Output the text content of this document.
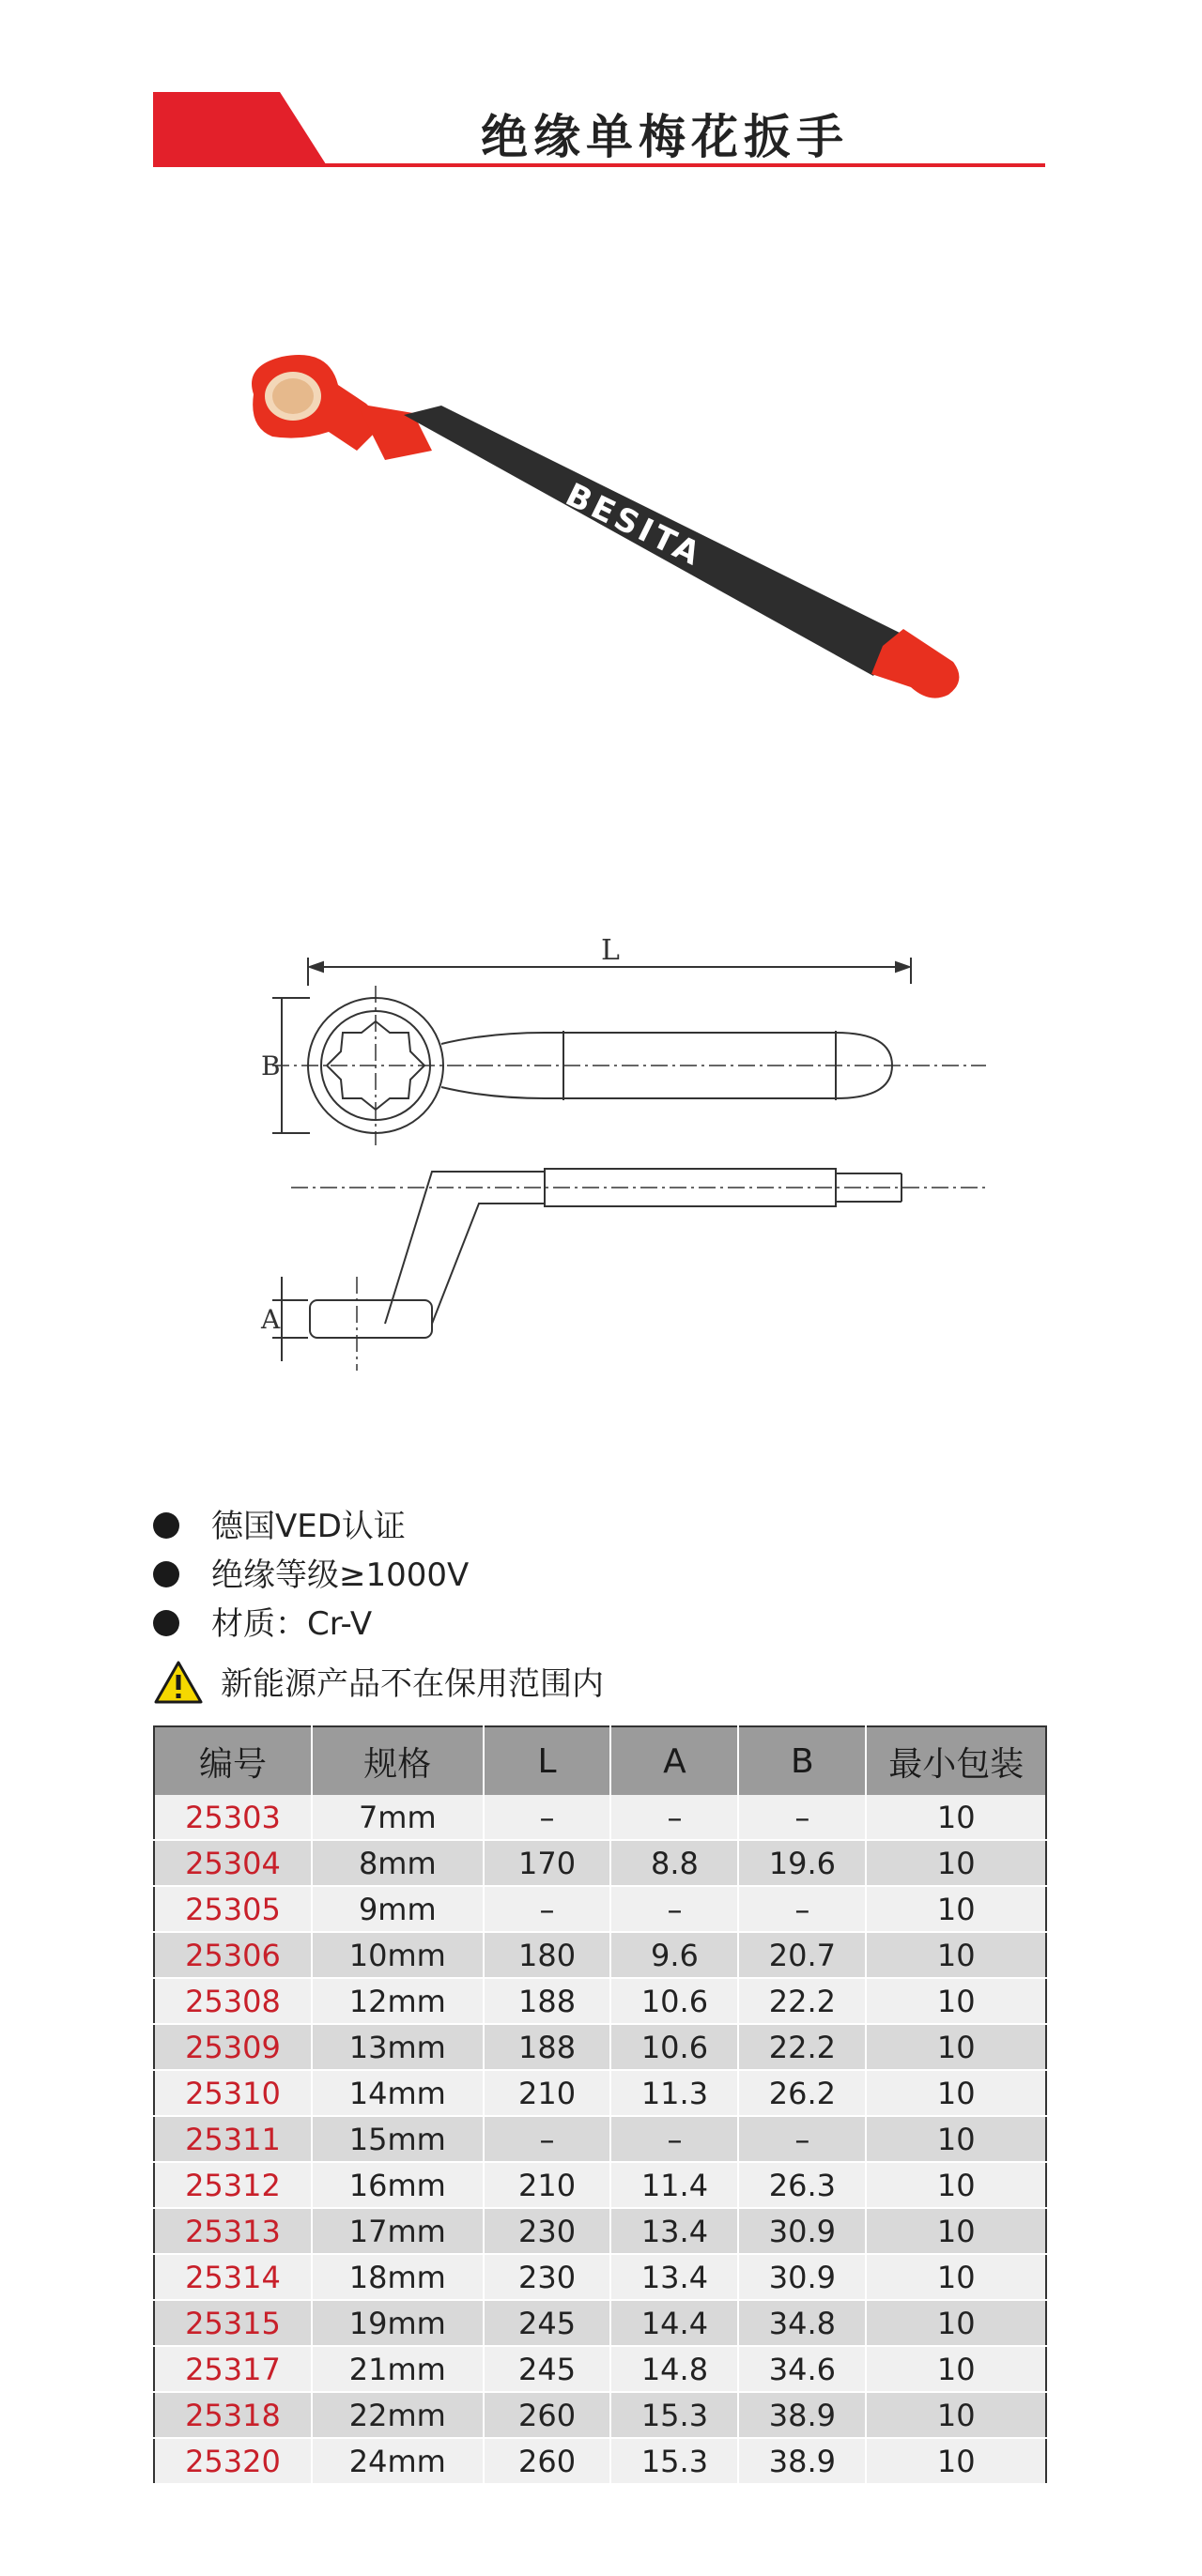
绝缘单梅花扳手
BESITA
L
B
A
德国VED认证
绝缘等级≥1000V
材质：Cr-V
新能源产品不在保用范围内
编号	规格	L	A	B	最小包装
25303	7mm	–	–	–	10
25304	8mm	170	8.8	19.6	10
25305	9mm	–	–	–	10
25306	10mm	180	9.6	20.7	10
25308	12mm	188	10.6	22.2	10
25309	13mm	188	10.6	22.2	10
25310	14mm	210	11.3	26.2	10
25311	15mm	–	–	–	10
25312	16mm	210	11.4	26.3	10
25313	17mm	230	13.4	30.9	10
25314	18mm	230	13.4	30.9	10
25315	19mm	245	14.4	34.8	10
25317	21mm	245	14.8	34.6	10
25318	22mm	260	15.3	38.9	10
25320	24mm	260	15.3	38.9	10
